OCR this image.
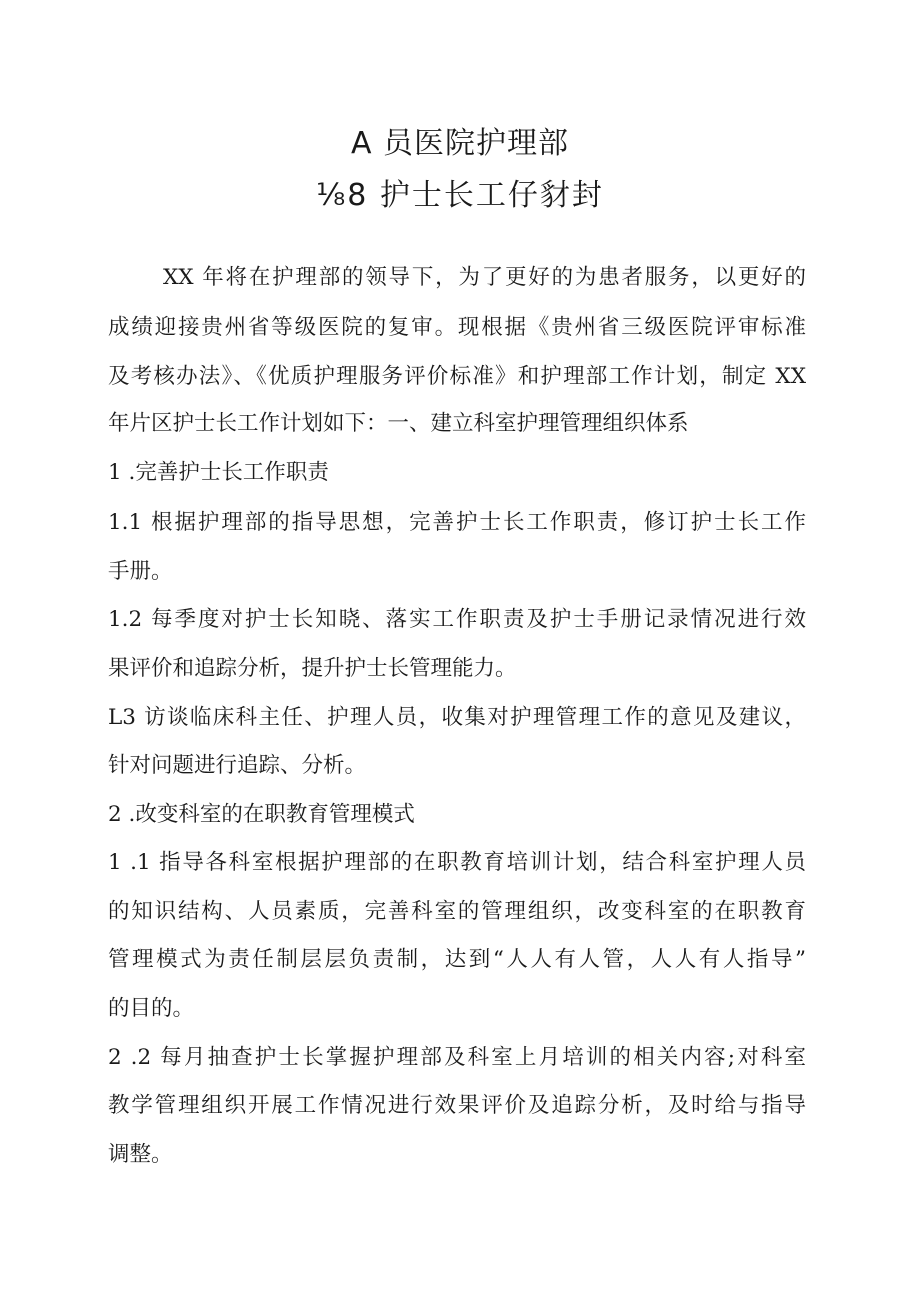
A 员医院护理部
⅛8 护士长工仔豺封
XX 年将在护理部的领导下，为了更好的为患者服务，以更好的
成绩迎接贵州省等级医院的复审。现根据《贵州省三级医院评审标准
及考核办法》、《优质护理服务评价标准》和护理部工作计划，制定 XX
年片区护士长工作计划如下：一、建立科室护理管理组织体系
1 .完善护士长工作职责
1.1 根据护理部的指导思想，完善护士长工作职责，修订护士长工作
手册。
1.2 每季度对护士长知晓、落实工作职责及护士手册记录情况进行效
果评价和追踪分析，提升护士长管理能力。
L3 访谈临床科主任、护理人员，收集对护理管理工作的意见及建议，
针对问题进行追踪、分析。
2 .改变科室的在职教育管理模式
1 .1 指导各科室根据护理部的在职教育培训计划，结合科室护理人员
的知识结构、人员素质，完善科室的管理组织，改变科室的在职教育
管理模式为责任制层层负责制，达到“人人有人管，人人有人指导”
的目的。
2 .2 每月抽查护士长掌握护理部及科室上月培训的相关内容;对科室
教学管理组织开展工作情况进行效果评价及追踪分析，及时给与指导
调整。
